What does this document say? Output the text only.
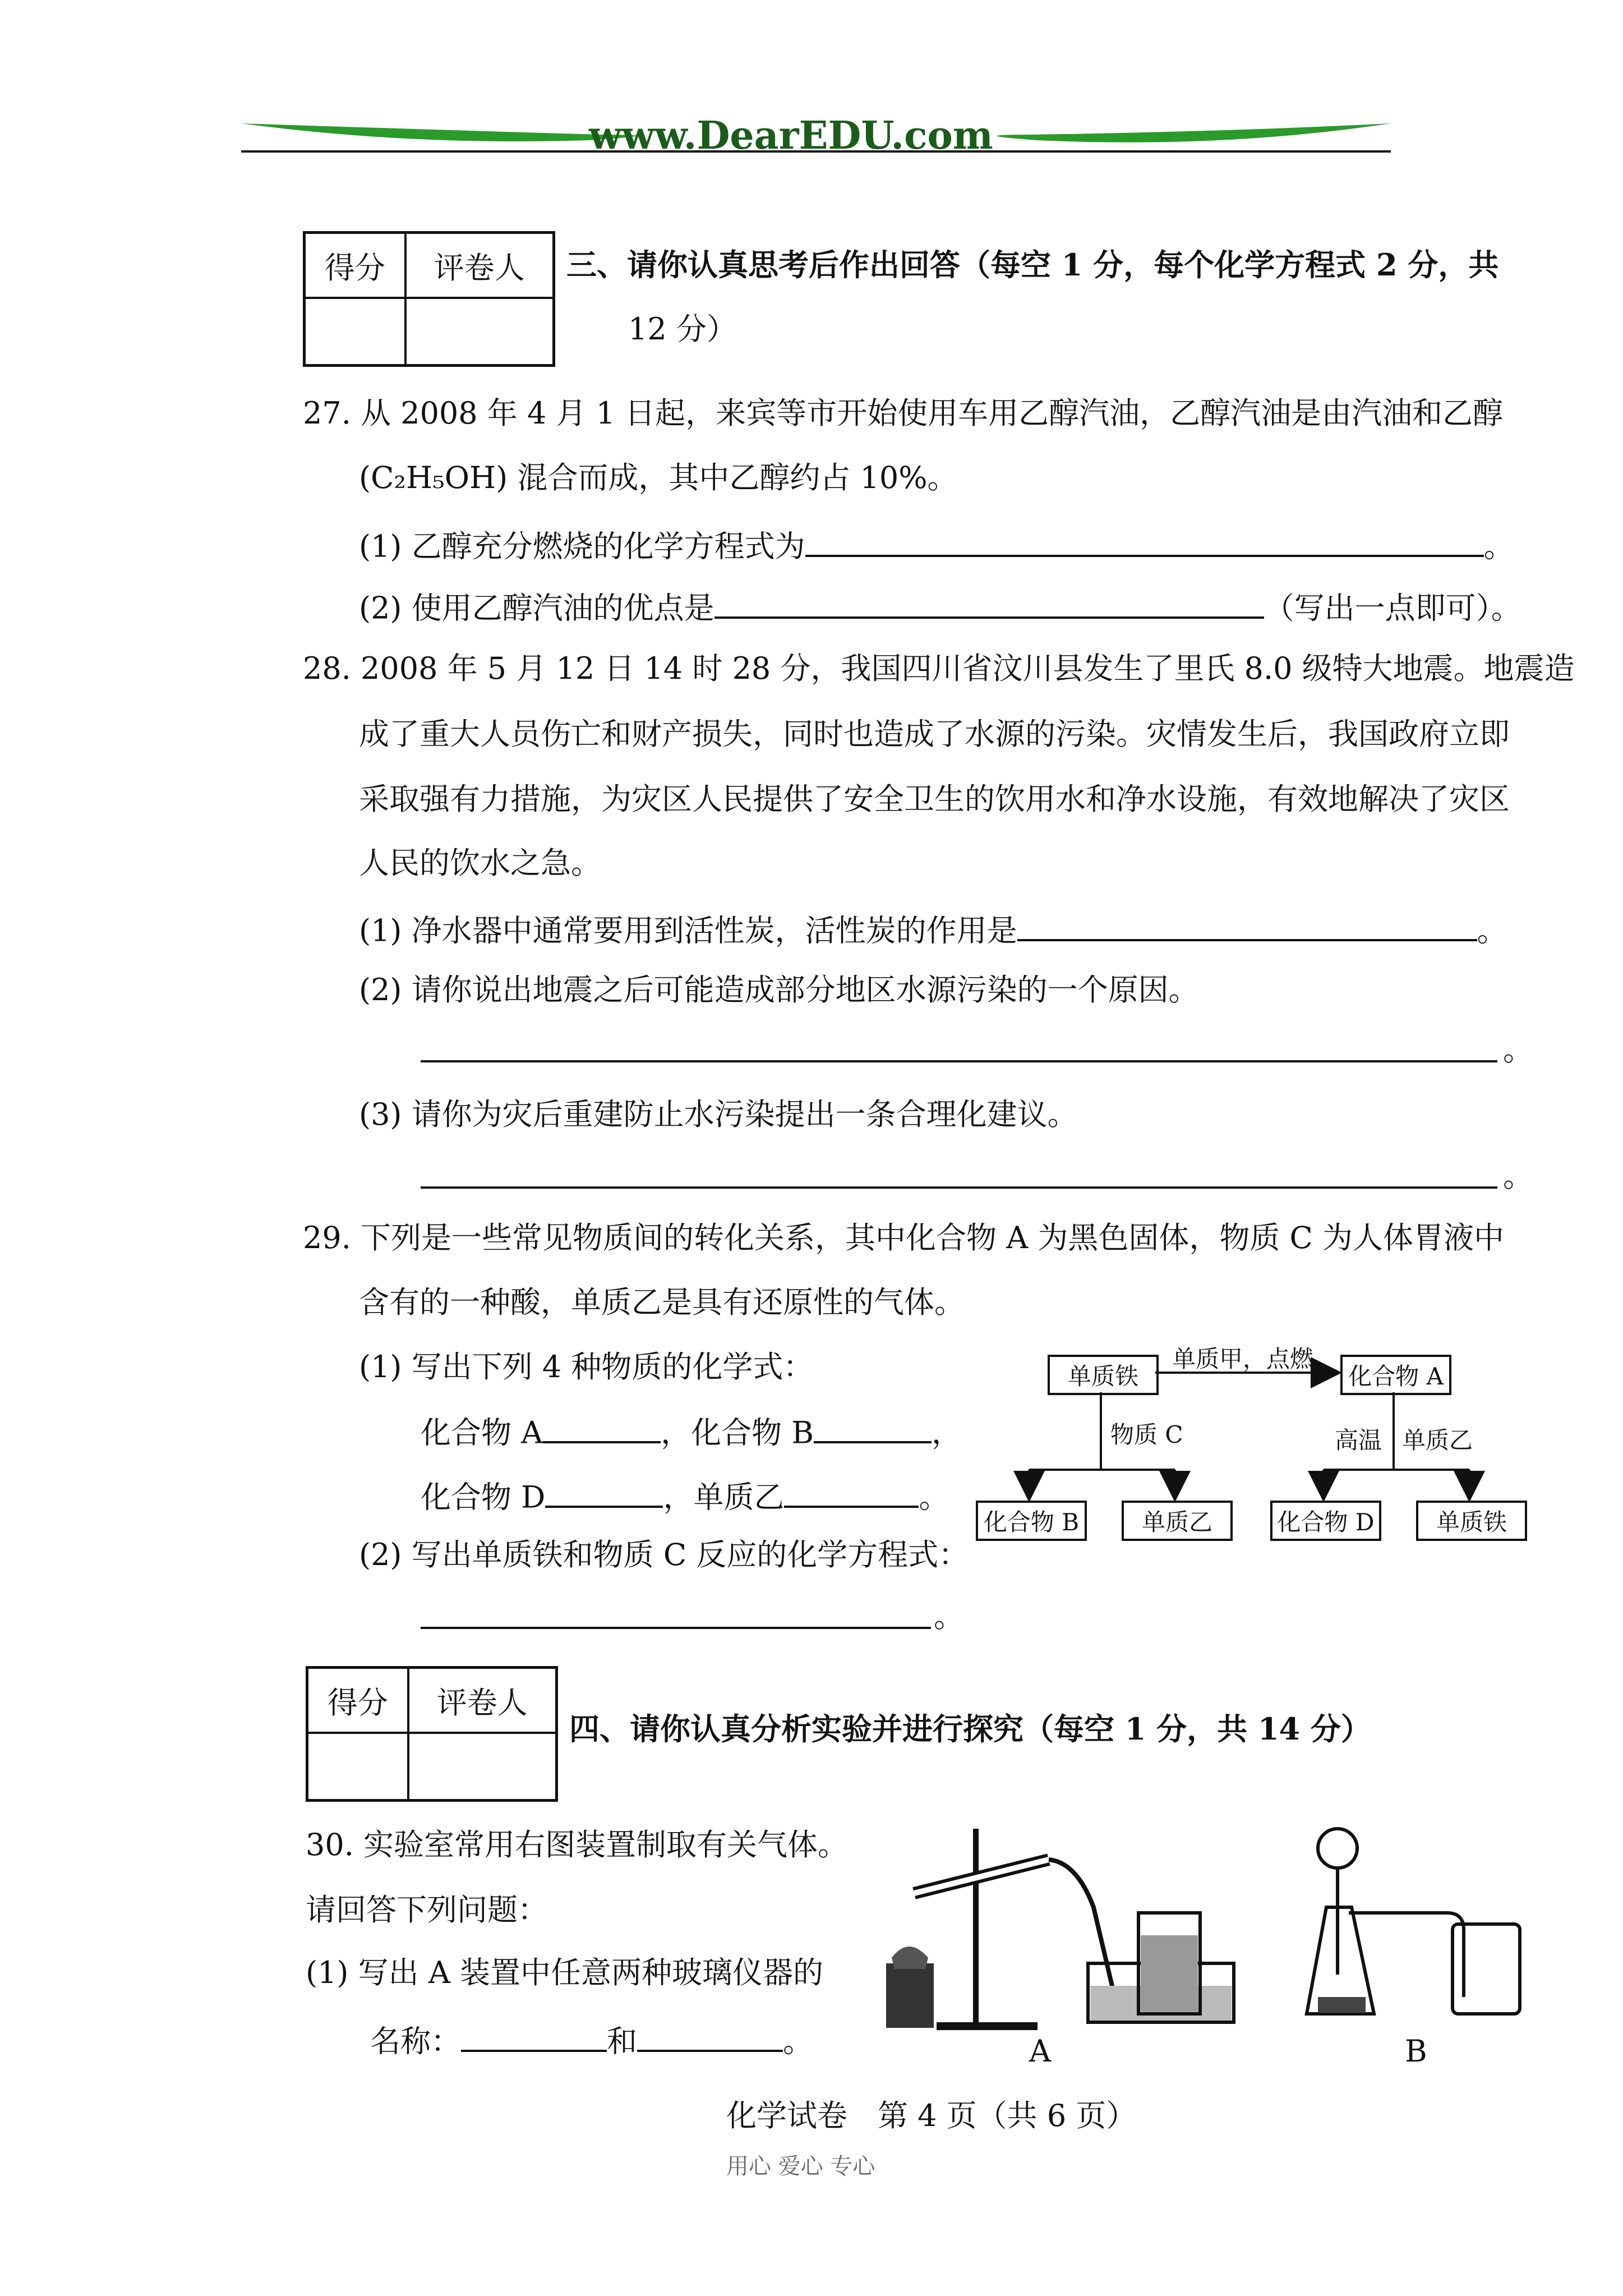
www.DearEDU.com
得分	评卷人	三、请你认真思考后作出回答（每空 1 分，每个化学方程式 2 分，共
12 分）
27. 从 2008 年 4 月 1 日起，来宾等市开始使用车用乙醇汽油，乙醇汽油是由汽油和乙醇
(C₂H₅OH) 混合而成，其中乙醇约占 10%。
(1) 乙醇充分燃烧的化学方程式为	。
(2) 使用乙醇汽油的优点是	（写出一点即可）。
28. 2008 年 5 月 12 日 14 时 28 分，我国四川省汶川县发生了里氏 8.0 级特大地震。地震造
成了重大人员伤亡和财产损失，同时也造成了水源的污染。灾情发生后，我国政府立即
采取强有力措施，为灾区人民提供了安全卫生的饮用水和净水设施，有效地解决了灾区
人民的饮水之急。
(1) 净水器中通常要用到活性炭，活性炭的作用是	。
(2) 请你说出地震之后可能造成部分地区水源污染的一个原因。
。
(3) 请你为灾后重建防止水污染提出一条合理化建议。
。
29. 下列是一些常见物质间的转化关系，其中化合物 A 为黑色固体，物质 C 为人体胃液中
含有的一种酸，单质乙是具有还原性的气体。
(1) 写出下列 4 种物质的化学式：
化合物 A	，化合物 B	，
化合物 D	，单质乙	。
(2) 写出单质铁和物质 C 反应的化学方程式：
。
单质铁
单质甲，点燃
化合物 A
物质 C	高温 单质乙
化合物 B	单质乙	化合物 D	单质铁
得分	评卷人
四、请你认真分析实验并进行探究（每空 1 分，共 14 分）
30. 实验室常用右图装置制取有关气体。
请回答下列问题：
(1) 写出 A 装置中任意两种玻璃仪器的
名称：	和	。	A	B
化学试卷　第 4 页（共 6 页）
用心 爱心 专心
